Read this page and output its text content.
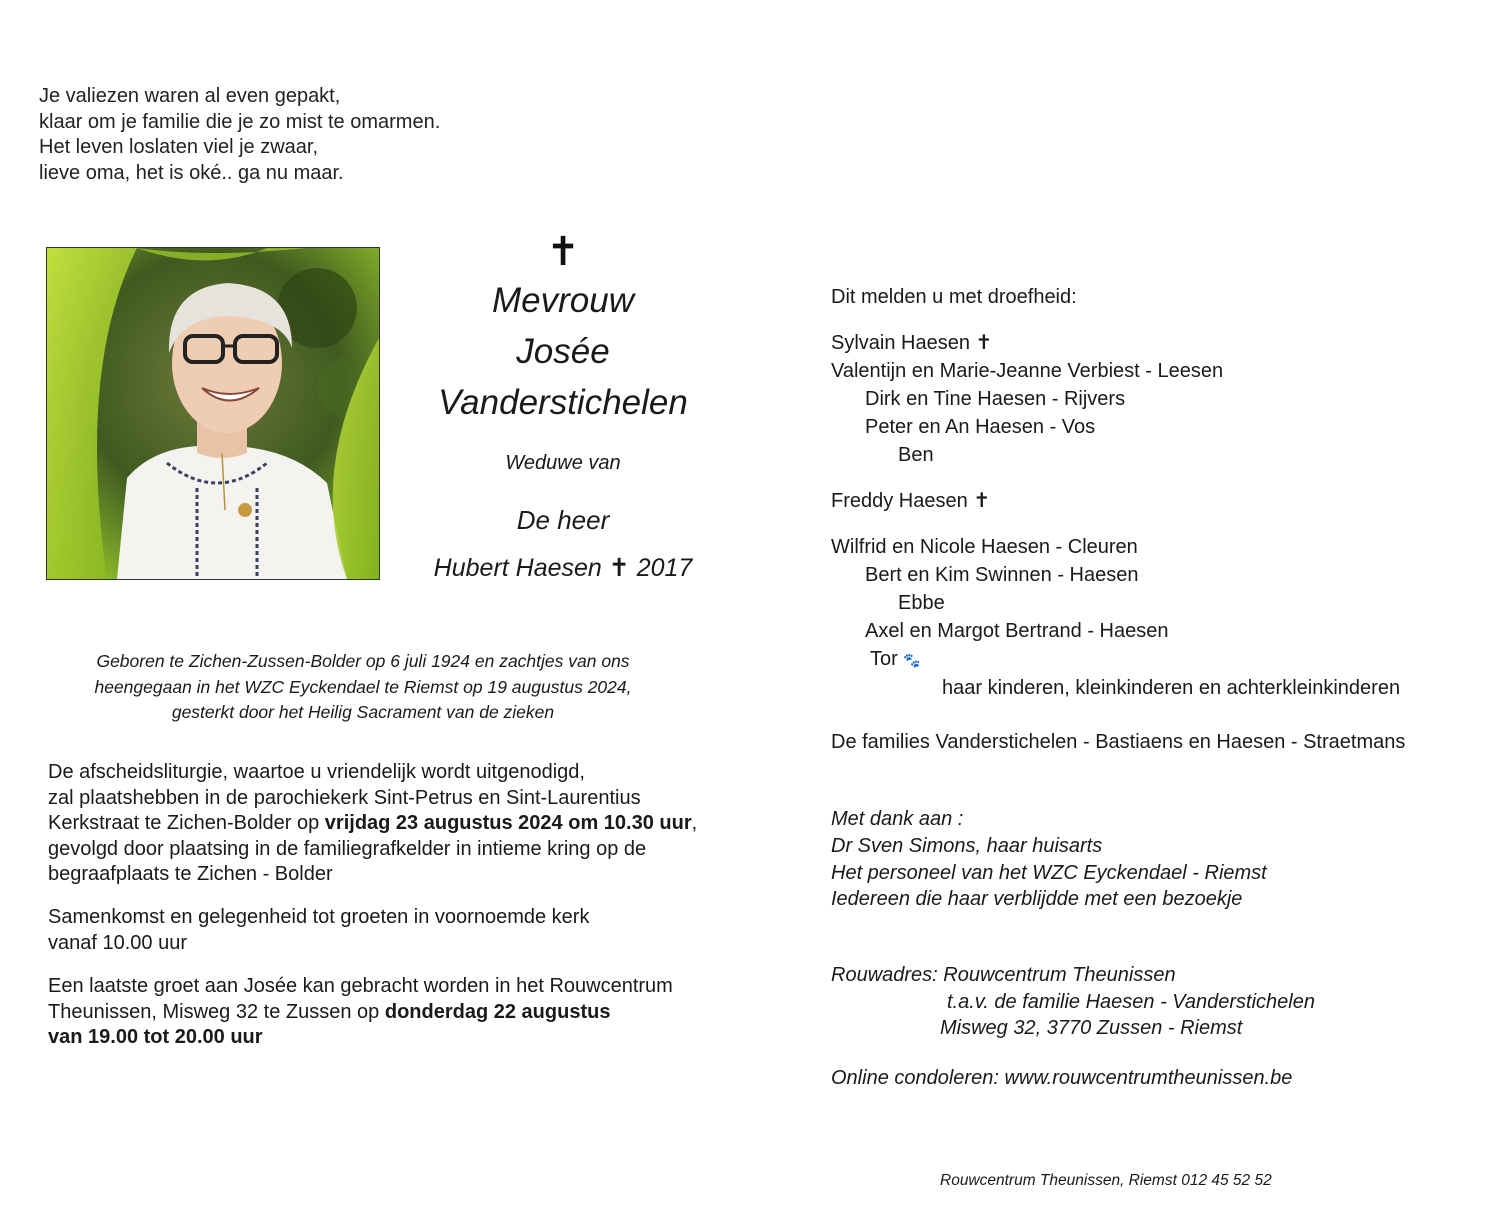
Je valiezen waren al even gepakt,
klaar om je familie die je zo mist te omarmen.
Het leven loslaten viel je zwaar,
lieve oma, het is oké.. ga nu maar.
✝
Mevrouw
Josée
Vanderstichelen
Weduwe van
De heer
Hubert Haesen ✝ 2017
Geboren te Zichen-Zussen-Bolder op 6 juli 1924 en zachtjes van ons
heengegaan in het WZC Eyckendael te Riemst op 19 augustus 2024,
gesterkt door het Heilig Sacrament van de zieken
De afscheidsliturgie, waartoe u vriendelijk wordt uitgenodigd,
zal plaatshebben in de parochiekerk Sint-Petrus en Sint-Laurentius
Kerkstraat te Zichen-Bolder op vrijdag 23 augustus 2024 om 10.30 uur,
gevolgd door plaatsing in de familiegrafkelder in intieme kring op de
begraafplaats te Zichen - Bolder
Samenkomst en gelegenheid tot groeten in voornoemde kerk
vanaf 10.00 uur
Een laatste groet aan Josée kan gebracht worden in het Rouwcentrum
Theunissen, Misweg 32 te Zussen op donderdag 22 augustus
van 19.00 tot 20.00 uur
Dit melden u met droefheid:
Sylvain Haesen ✝
Valentijn en Marie-Jeanne Verbiest - Leesen
Dirk en Tine Haesen - Rijvers
Peter en An Haesen - Vos
Ben
Freddy Haesen ✝
Wilfrid en Nicole Haesen - Cleuren
Bert en Kim Swinnen - Haesen
Ebbe
Axel en Margot Bertrand - Haesen
Tor 🐾
haar kinderen, kleinkinderen en achterkleinkinderen
De families Vanderstichelen - Bastiaens en Haesen - Straetmans
Met dank aan :
Dr Sven Simons, haar huisarts
Het personeel van het WZC Eyckendael - Riemst
Iedereen die haar verblijdde met een bezoekje
Rouwadres: Rouwcentrum Theunissen
t.a.v. de familie Haesen - Vanderstichelen
Misweg 32, 3770 Zussen - Riemst
Online condoleren: www.rouwcentrumtheunissen.be
Rouwcentrum Theunissen, Riemst 012 45 52 52
